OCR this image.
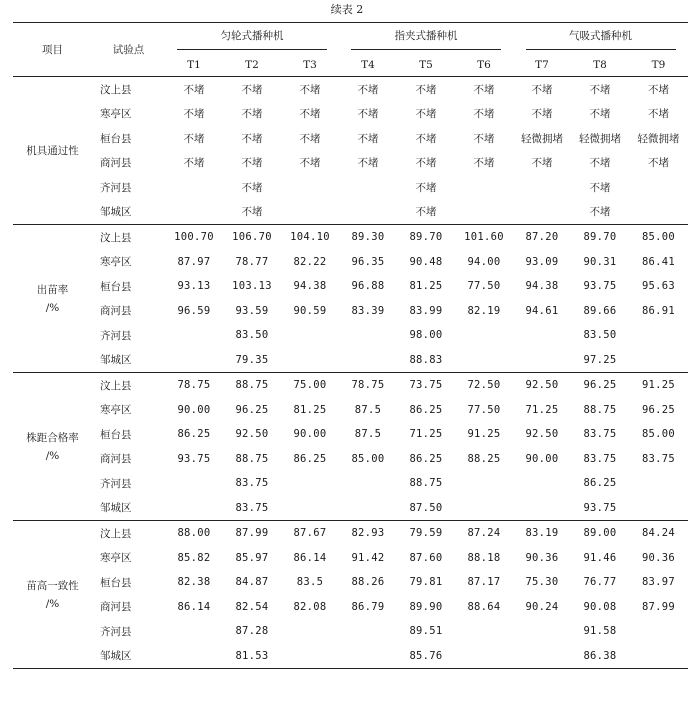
续表 2
项目	试验点	匀轮式播种机			指夹式播种机			气吸式播种机		
		T1	T2	T3	T4	T5	T6	T7	T8	T9

机具通过性	汶上县	不堵	不堵	不堵	不堵	不堵	不堵	不堵	不堵	不堵
	寒亭区	不堵	不堵	不堵	不堵	不堵	不堵	不堵	不堵	不堵
	桓台县	不堵	不堵	不堵	不堵	不堵	不堵	轻微拥堵	轻微拥堵	轻微拥堵
	商河县	不堵	不堵	不堵	不堵	不堵	不堵	不堵	不堵	不堵
	齐河县		不堵			不堵			不堵	
	邹城区		不堵			不堵			不堵	

出苗率
/%	汶上县	100.70	106.70	104.10	89.30	89.70	101.60	87.20	89.70	85.00
	寒亭区	87.97	78.77	82.22	96.35	90.48	94.00	93.09	90.31	86.41
	桓台县	93.13	103.13	94.38	96.88	81.25	77.50	94.38	93.75	95.63
	商河县	96.59	93.59	90.59	83.39	83.99	82.19	94.61	89.66	86.91
	齐河县		83.50			98.00			83.50	
	邹城区		79.35			88.83			97.25	

株距合格率
/%	汶上县	78.75	88.75	75.00	78.75	73.75	72.50	92.50	96.25	91.25
	寒亭区	90.00	96.25	81.25	87.5	86.25	77.50	71.25	88.75	96.25
	桓台县	86.25	92.50	90.00	87.5	71.25	91.25	92.50	83.75	85.00
	商河县	93.75	88.75	86.25	85.00	86.25	88.25	90.00	83.75	83.75
	齐河县		83.75			88.75			86.25	
	邹城区		83.75			87.50			93.75	

苗高一致性
/%	汶上县	88.00	87.99	87.67	82.93	79.59	87.24	83.19	89.00	84.24
	寒亭区	85.82	85.97	86.14	91.42	87.60	88.18	90.36	91.46	90.36
	桓台县	82.38	84.87	83.5	88.26	79.81	87.17	75.30	76.77	83.97
	商河县	86.14	82.54	82.08	86.79	89.90	88.64	90.24	90.08	87.99
	齐河县		87.28			89.51			91.58	
	邹城区		81.53			85.76			86.38	
